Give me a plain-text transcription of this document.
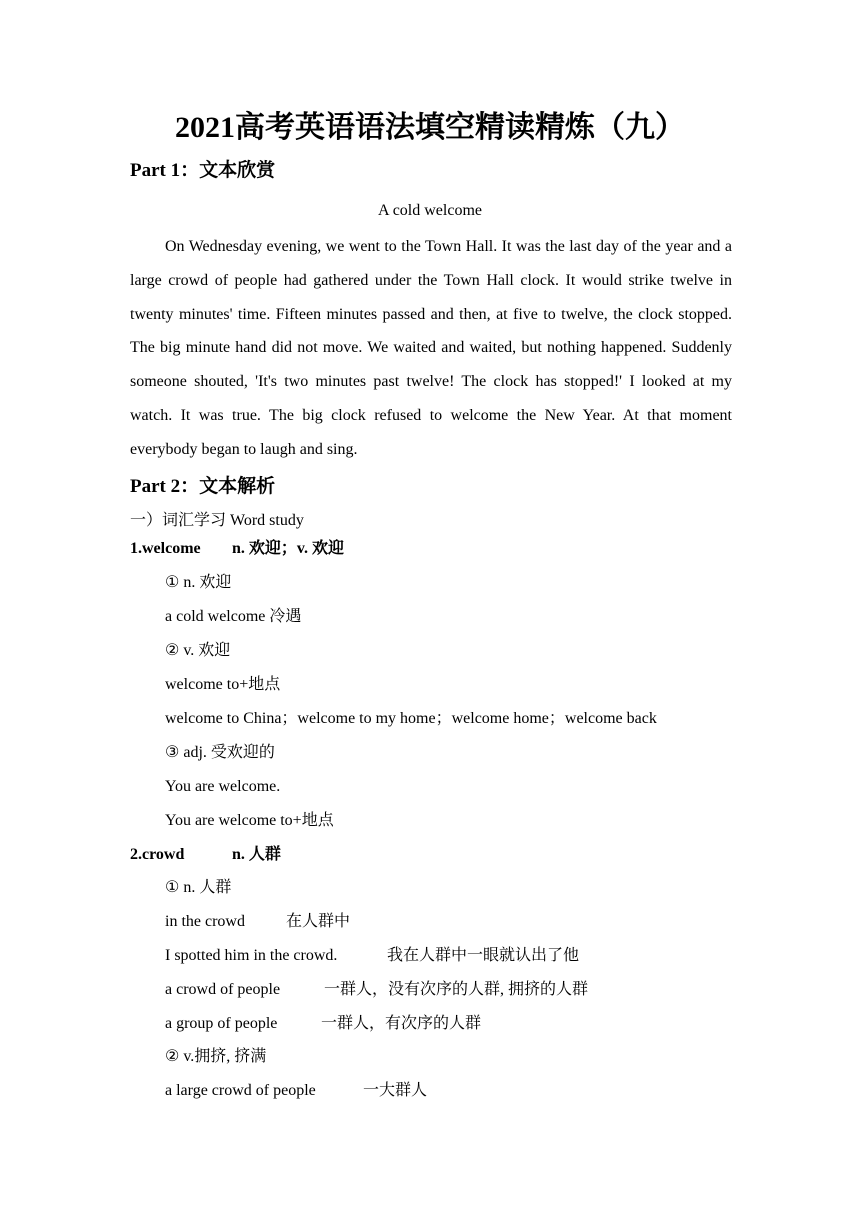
2021高考英语语法填空精读精炼（九）
Part 1：文本欣赏
A cold welcome

On Wednesday evening, we went to the Town Hall. It was the last day of the year and a large crowd of people had gathered under the Town Hall clock. It would strike twelve in twenty minutes' time. Fifteen minutes passed and then, at five to twelve, the clock stopped. The big minute hand did not move. We waited and waited, but nothing happened. Suddenly someone shouted, 'It's two minutes past twelve! The clock has stopped!' I looked at my watch. It was true. The big clock refused to welcome the New Year. At that moment everybody began to laugh and sing.

Part 2：文本解析
一）词汇学习 Word study
1.welcome n. 欢迎；v. 欢迎
① n. 欢迎
a cold welcome 冷遇
② v. 欢迎
welcome to+地点
welcome to China；welcome to my home；welcome home；welcome back
③ adj. 受欢迎的
You are welcome.
You are welcome to+地点
2.crowd	n. 人群
① n. 人群
in the crowd	在人群中
I spotted him in the crowd.	我在人群中一眼就认出了他
a crowd of people	一群人，没有次序的人群, 拥挤的人群
a group of people	一群人，有次序的人群
② v.拥挤, 挤满
a large crowd of people	一大群人
